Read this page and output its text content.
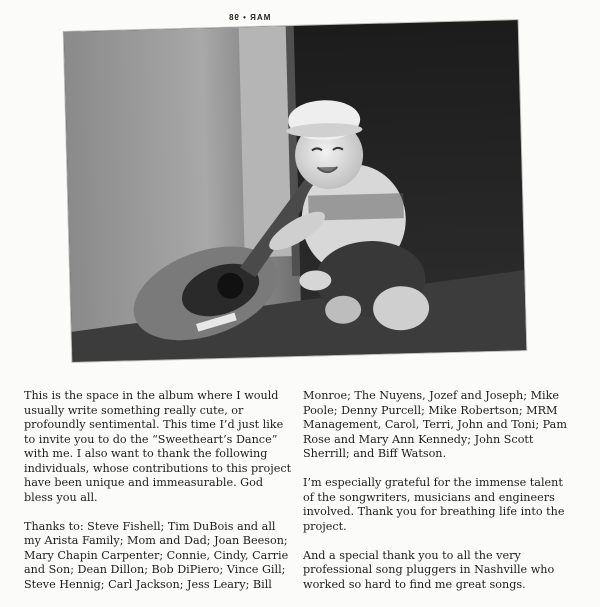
MAR • 98

This is the space in the album where I would
usually write something really cute, or
profoundly sentimental. This time I’d just like
to invite you to do the “Sweetheart’s Dance”
with me. I also want to thank the following
individuals, whose contributions to this project
have been unique and immeasurable. God
bless you all.

Thanks to: Steve Fishell; Tim DuBois and all
my Arista Family; Mom and Dad; Joan Beeson;
Mary Chapin Carpenter; Connie, Cindy, Carrie
and Son; Dean Dillon; Bob DiPiero; Vince Gill;
Steve Hennig; Carl Jackson; Jess Leary; Bill

Monroe; The Nuyens, Jozef and Joseph; Mike
Poole; Denny Purcell; Mike Robertson; MRM
Management, Carol, Terri, John and Toni; Pam
Rose and Mary Ann Kennedy; John Scott
Sherrill; and Biff Watson.

I’m especially grateful for the immense talent
of the songwriters, musicians and engineers
involved. Thank you for breathing life into the
project.

And a special thank you to all the very
professional song pluggers in Nashville who
worked so hard to find me great songs.
